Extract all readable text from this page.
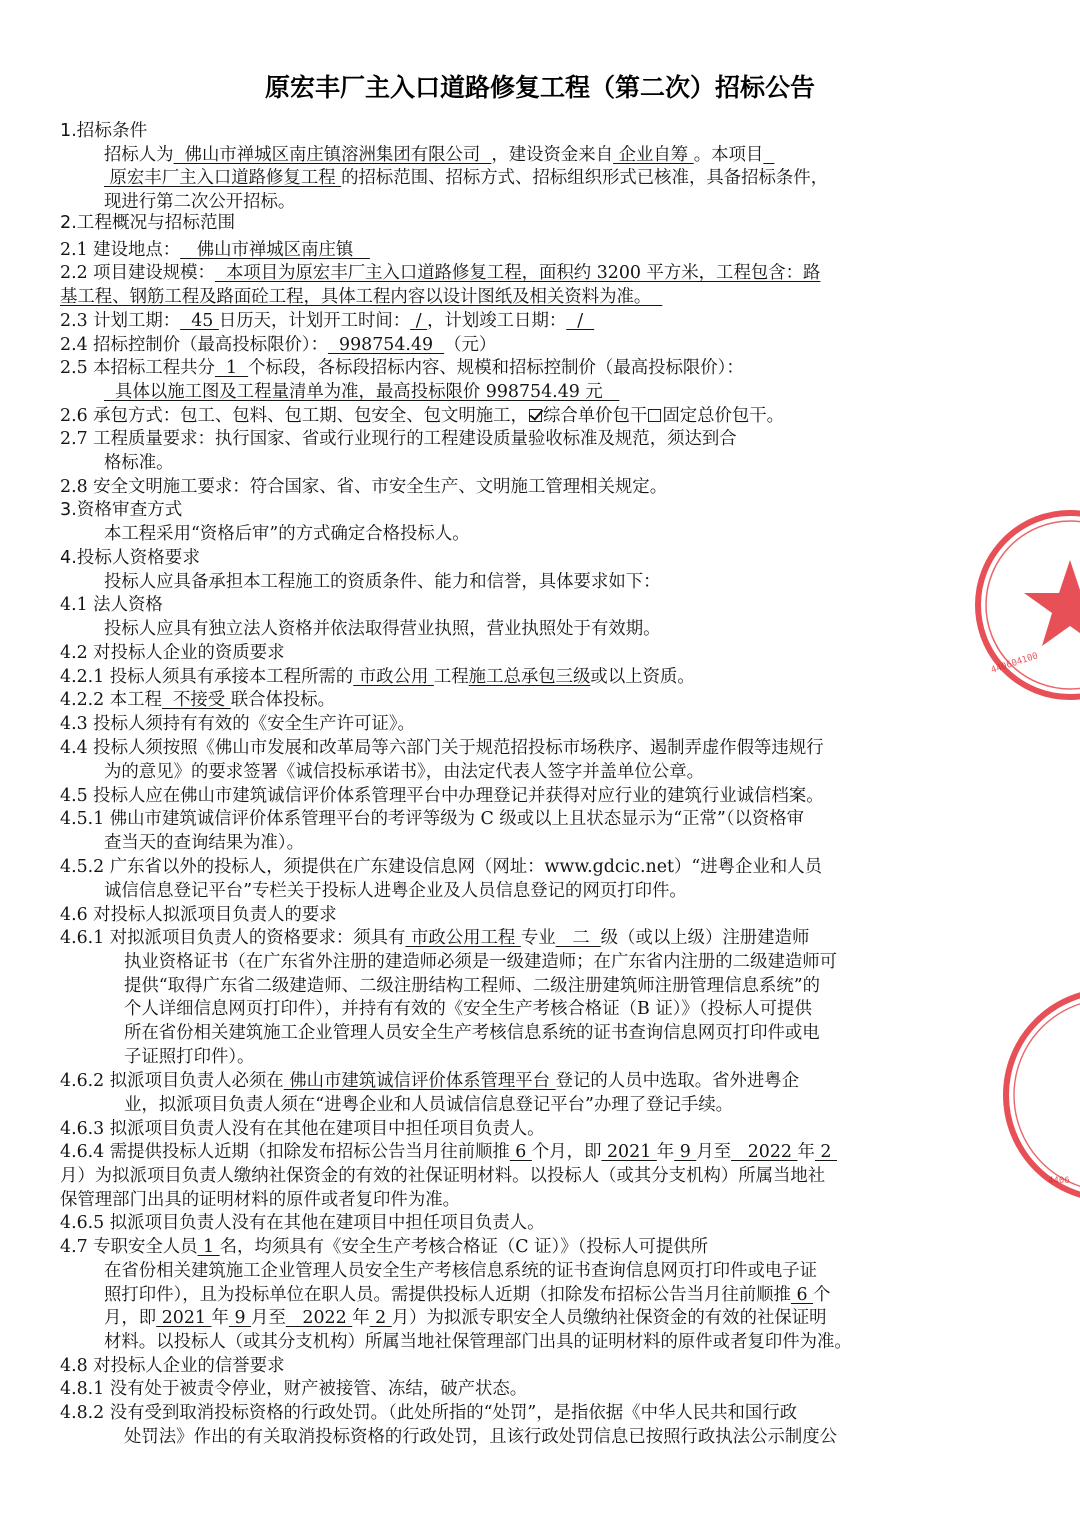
原宏丰厂主入口道路修复工程（第二次）招标公告
1.招标条件
招标人为  佛山市禅城区南庄镇溶洲集团有限公司  ，建设资金来自 企业自筹 。本项目
原宏丰厂主入口道路修复工程 的招标范围、招标方式、招标组织形式已核准，具备招标条件，
现进行第二次公开招标。
2.工程概况与招标范围
2.1 建设地点：   佛山市禅城区南庄镇
2.2 项目建设规模：  本项目为原宏丰厂主入口道路修复工程，面积约 3200 平方米，工程包含：路
基工程、钢筋工程及路面砼工程，具体工程内容以设计图纸及相关资料为准。
2.3 计划工期：  45 日历天，计划开工时间： / ，计划竣工日期：  /
2.4 招标控制价（最高投标限价）：  998754.49  （元）
2.5 本招标工程共分  1  个标段，各标段招标内容、规模和招标控制价（最高投标限价）：
具体以施工图及工程量清单为准，最高投标限价 998754.49 元
2.6 承包方式：包工、包料、包工期、包安全、包文明施工， 综合单价包干 固定总价包干。
2.7 工程质量要求：执行国家、省或行业现行的工程建设质量验收标准及规范，须达到合
格标准。
2.8 安全文明施工要求：符合国家、省、市安全生产、文明施工管理相关规定。
3.资格审查方式
本工程采用“资格后审”的方式确定合格投标人。
4.投标人资格要求
投标人应具备承担本工程施工的资质条件、能力和信誉，具体要求如下：
4.1 法人资格
投标人应具有独立法人资格并依法取得营业执照，营业执照处于有效期。
4.2 对投标人企业的资质要求
4.2.1 投标人须具有承接本工程所需的 市政公用 工程施工总承包三级或以上资质。
4.2.2 本工程  不接受 联合体投标。
4.3 投标人须持有有效的《安全生产许可证》。
4.4 投标人须按照《佛山市发展和改革局等六部门关于规范招投标市场秩序、遏制弄虚作假等违规行
为的意见》的要求签署《诚信投标承诺书》，由法定代表人签字并盖单位公章。
4.5 投标人应在佛山市建筑诚信评价体系管理平台中办理登记并获得对应行业的建筑行业诚信档案。
4.5.1 佛山市建筑诚信评价体系管理平台的考评等级为 C 级或以上且状态显示为“正常”（以资格审
查当天的查询结果为准）。
4.5.2 广东省以外的投标人，须提供在广东建设信息网（网址：www.gdcic.net）“进粤企业和人员
诚信信息登记平台”专栏关于投标人进粤企业及人员信息登记的网页打印件。
4.6 对投标人拟派项目负责人的要求
4.6.1 对拟派项目负责人的资格要求：须具有 市政公用工程 专业   二  级（或以上级）注册建造师
执业资格证书（在广东省外注册的建造师必须是一级建造师；在广东省内注册的二级建造师可
提供“取得广东省二级建造师、二级注册结构工程师、二级注册建筑师注册管理信息系统”的
个人详细信息网页打印件），并持有有效的《安全生产考核合格证（B 证）》（投标人可提供
所在省份相关建筑施工企业管理人员安全生产考核信息系统的证书查询信息网页打印件或电
子证照打印件）。
4.6.2 拟派项目负责人必须在 佛山市建筑诚信评价体系管理平台 登记的人员中选取。省外进粤企
业，拟派项目负责人须在“进粤企业和人员诚信信息登记平台”办理了登记手续。
4.6.3 拟派项目负责人没有在其他在建项目中担任项目负责人。
4.6.4 需提供投标人近期（扣除发布招标公告当月往前顺推 6 个月，即 2021 年 9 月至   2022 年 2
月）为拟派项目负责人缴纳社保资金的有效的社保证明材料。以投标人（或其分支机构）所属当地社
保管理部门出具的证明材料的原件或者复印件为准。
4.6.5 拟派项目负责人没有在其他在建项目中担任项目负责人。
4.7 专职安全人员 1 名，均须具有《安全生产考核合格证（C 证）》（投标人可提供所
在省份相关建筑施工企业管理人员安全生产考核信息系统的证书查询信息网页打印件或电子证
照打印件），且为投标单位在职人员。需提供投标人近期（扣除发布招标公告当月往前顺推 6 个
月，即 2021 年 9 月至   2022 年 2 月）为拟派专职安全人员缴纳社保资金的有效的社保证明
材料。以投标人（或其分支机构）所属当地社保管理部门出具的证明材料的原件或者复印件为准。
4.8 对投标人企业的信誉要求
4.8.1 没有处于被责令停业，财产被接管、冻结，破产状态。
4.8.2 没有受到取消投标资格的行政处罚。（此处所指的“处罚”，是指依据《中华人民共和国行政
处罚法》作出的有关取消投标资格的行政处罚，且该行政处罚信息已按照行政执法公示制度公
440604100
4406
